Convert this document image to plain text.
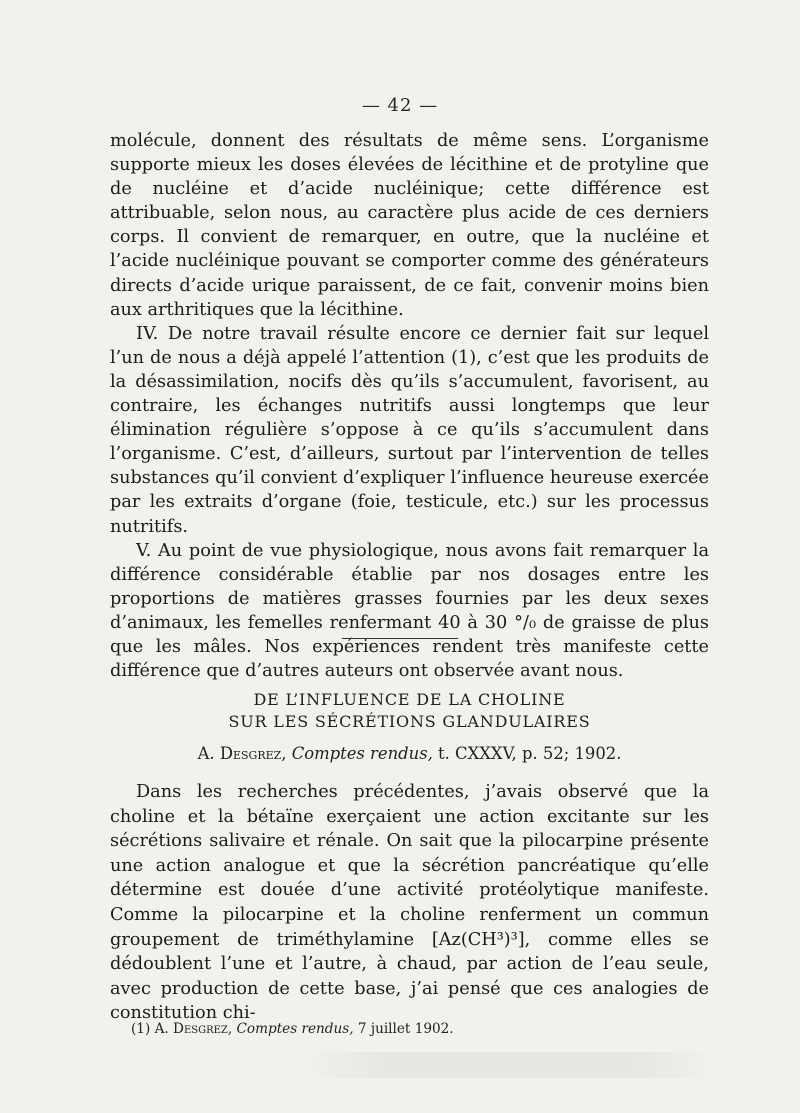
— 42 —

molécule, donnent des résultats de même sens. L’organisme supporte mieux les doses élevées de lécithine et de protyline que de nucléine et d’acide nucléinique; cette différence est attribuable, selon nous, au caractère plus acide de ces derniers corps. Il convient de remarquer, en outre, que la nucléine et l’acide nucléinique pouvant se comporter comme des générateurs directs d’acide urique paraissent, de ce fait, convenir moins bien aux arthritiques que la lécithine.

IV. De notre travail résulte encore ce dernier fait sur lequel l’un de nous a déjà appelé l’attention (1), c’est que les produits de la désassimilation, nocifs dès qu’ils s’accumulent, favorisent, au contraire, les échanges nutritifs aussi longtemps que leur élimination régulière s’oppose à ce qu’ils s’accumulent dans l’organisme. C’est, d’ailleurs, surtout par l’intervention de telles substances qu’il convient d’expliquer l’influence heureuse exercée par les extraits d’organe (foie, testicule, etc.) sur les processus nutritifs.

V. Au point de vue physiologique, nous avons fait remarquer la différence considérable établie par nos dosages entre les proportions de matières grasses fournies par les deux sexes d’animaux, les femelles renfermant 40 à 30 °/₀ de graisse de plus que les mâles. Nos expériences rendent très manifeste cette différence que d’autres auteurs ont observée avant nous.

DE L’INFLUENCE DE LA CHOLINE
SUR LES SÉCRÉTIONS GLANDULAIRES
A. Desgrez, Comptes rendus, t. CXXXV, p. 52; 1902.

Dans les recherches précédentes, j’avais observé que la choline et la bétaïne exerçaient une action excitante sur les sécrétions salivaire et rénale. On sait que la pilocarpine présente une action analogue et que la sécrétion pancréatique qu’elle détermine est douée d’une activité protéolytique manifeste. Comme la pilocarpine et la choline renferment un commun groupement de triméthylamine [Az(CH³)³], comme elles se dédoublent l’une et l’autre, à chaud, par action de l’eau seule, avec production de cette base, j’ai pensé que ces analogies de constitution chi-

(1) A. Desgrez, Comptes rendus, 7 juillet 1902.
